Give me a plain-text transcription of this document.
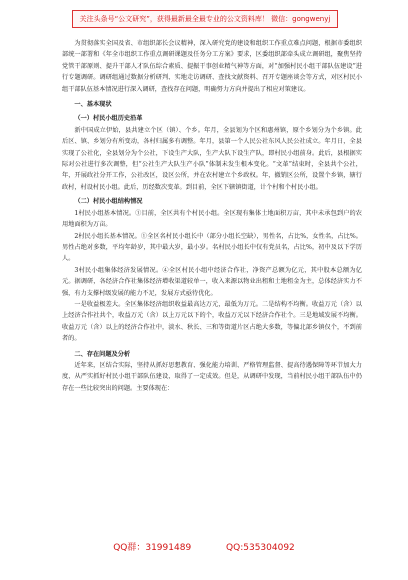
关注头条号“公文研究”，获得最新最全最专业的公文资料库！ 微信：gongwenyj

为贯彻落实全国及省、市组织部长会议精神，深入研究党的建设和组织工作重点难点问题，根据市委组织部统一部署和《年全市组织工作重点调研课题及任务分工方案》要求，区委组织部牵头成立调研组，聚焦坚持党管干部原则、提升干部人才队伍综合素质、提振干事创业精气神等方面，对“加强村民小组干部队伍建设”进行专题调研。调研组通过数据分析研判、实地走访调研、查找文献资料、召开专题座谈会等方式，对区村民小组干部队伍基本情况进行深入调研，查找存在问题，明确努力方向并提出了相应对策建议。

一、基本现状

（一）村民小组历史沿革

新中国成立伊始，县共建立个区（镇）、个乡。年月，全县划为个区和惠州镇，原个乡划分为个乡镇。此后区、镇、乡划分有所变动，各村归属多有调整。年月，县第一个人民公社东风人民公社成立。年月日，全县实现了公社化，全县划分为个公社，下设生产大队，生产大队下设生产队，即村民小组前身。此后，县根据实际对公社进行多次调整，但“公社生产大队生产小队”体制未发生根本变化。“文革”结束时，全县共个公社，年，开展政社分开工作，公社改区，设区公所，并在农村建立个乡政权。年，撤销区公所，设置个乡镇，辖行政村，村设村民小组。此后，历经数次变革。到目前，全区下辖镇街道，计个村和个村民小组。

（二）村民小组结构情况

1村民小组基本情况。①目前，全区共有个村民小组。全区现有集体土地面积万亩，其中未承包到户的农用地面积为万亩。

2村民小组长基本情况。①全区名村民小组长中（部分小组长空缺），男性名，占比%，女性名，占比%。男性占绝对多数，平均年龄岁，其中最大岁，最小岁。名村民小组长中仅有党员名，占比%，初中及以下学历人。

3村民小组集体经济发展情况。④全区村民小组中经济合作社，净资产总额为亿元，其中股本总额为亿元。据调研，各经济合作社集体经济增收渠道较单一，收入来源以物业出租和土地租金为主，总体经济实力不强，有力支撑村级发展的能力不足，发展方式亟待优化。

一是收益极差大。全区集体经济组织收益最高达万元，最低为万元。二是结构不均衡。收益万元（含）以上经济合作社共个，收益万元（含）以上万元以下的个，收益万元以下经济合作社个。三是地域发展不均衡。收益万元（含）以上的经济合作社中，淡水、秋长、三和等街道片区占绝大多数，等偏北部乡镇仅个，不到前者的。

二、存在问题及分析

近年来，区结合实际，坚持从抓好思想教育、强化能力培训、严格管理监督、提高待遇保障等环节加大力度，从严实抓好村民小组干部队伍建设，取得了一定成效。但是，从调研中发现，当前村民小组干部队伍中仍存在一些比较突出的问题。主要体现在：

QQ群：31991489	QQ:535304092
